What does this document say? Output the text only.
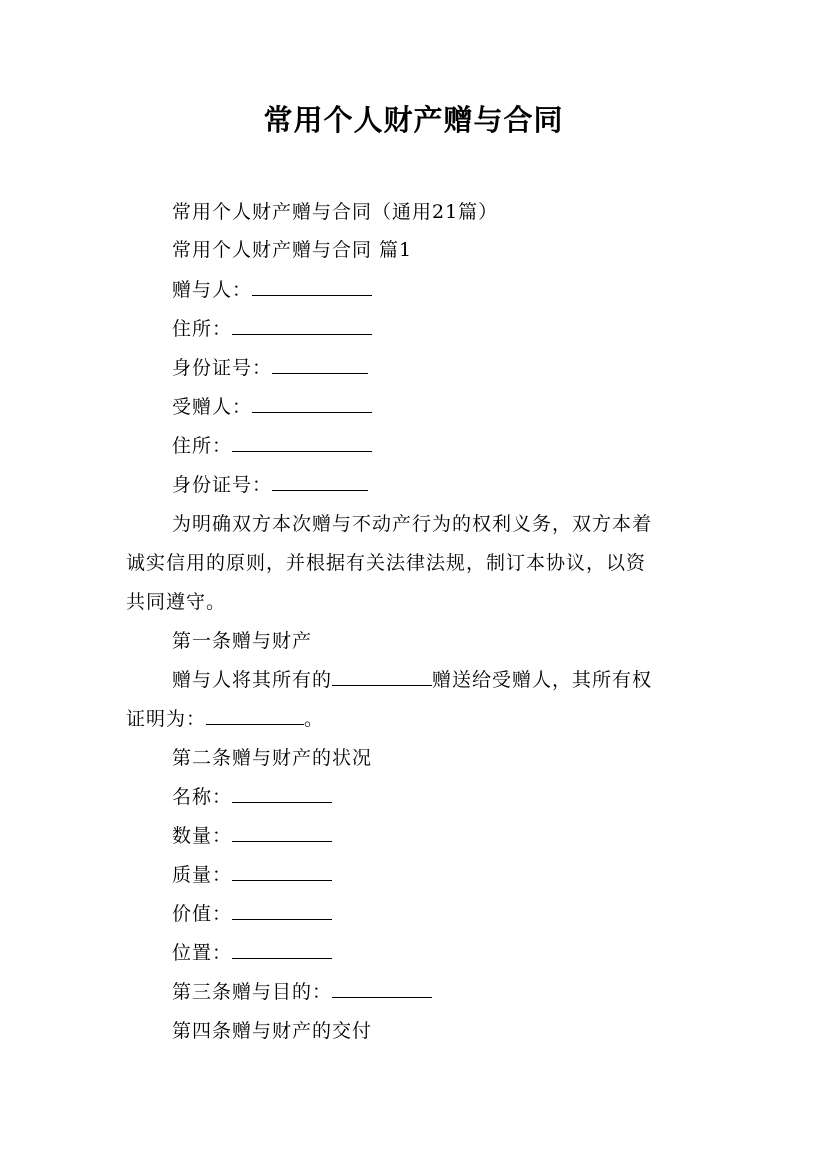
常用个人财产赠与合同
常用个人财产赠与合同（通用21篇）
常用个人财产赠与合同 篇1
赠与人：
住所：
身份证号：
受赠人：
住所：
身份证号：
为明确双方本次赠与不动产行为的权利义务，双方本着
诚实信用的原则，并根据有关法律法规，制订本协议，以资
共同遵守。
第一条赠与财产
赠与人将其所有的	赠送给受赠人，其所有权
证明为：	。
第二条赠与财产的状况
名称：
数量：
质量：
价值：
位置：
第三条赠与目的：
第四条赠与财产的交付
